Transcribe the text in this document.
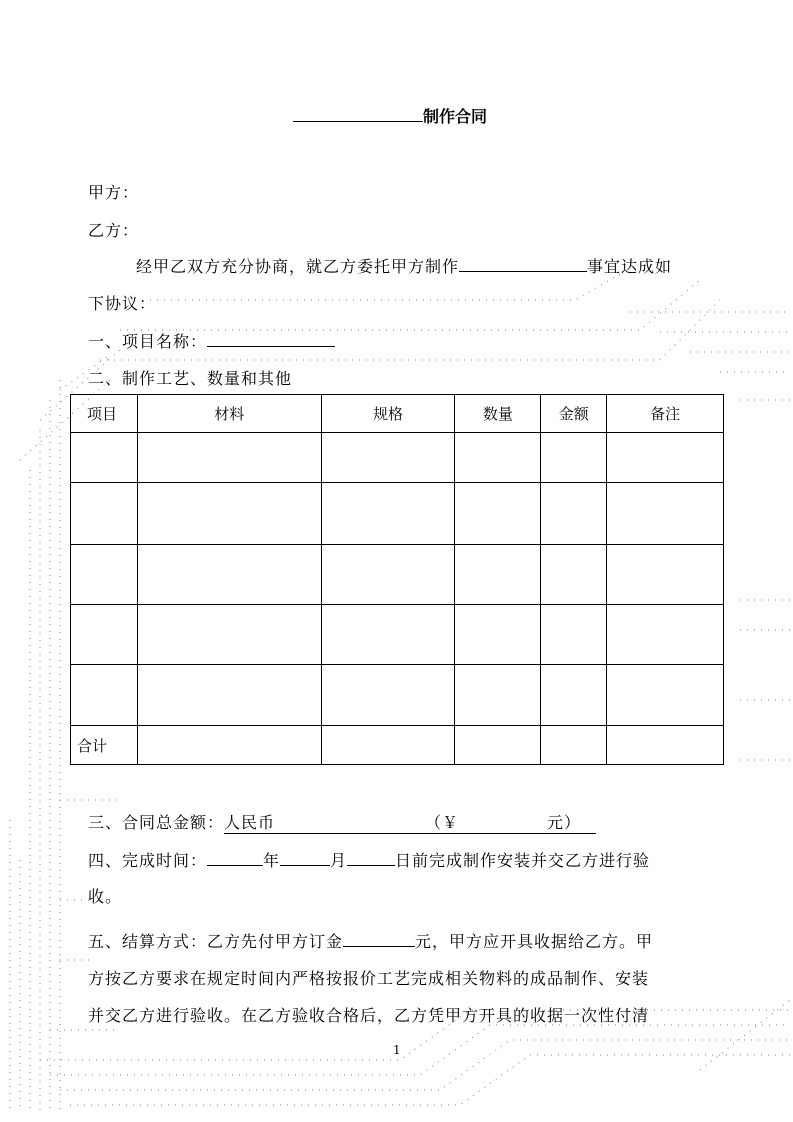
制作合同
甲方：
乙方：
经甲乙双方充分协商，就乙方委托甲方制作	事宜达成如
下协议：
一、项目名称：
二、制作工艺、数量和其他
项目	材料	规格	数量	金额	备注

合计					
三、合同总金额：人民币	（￥	元）
四、完成时间：	年	月	日前完成制作安装并交乙方进行验
收。
五、结算方式：乙方先付甲方订金	元，甲方应开具收据给乙方。甲
方按乙方要求在规定时间内严格按报价工艺完成相关物料的成品制作、安装
并交乙方进行验收。在乙方验收合格后，乙方凭甲方开具的收据一次性付清
1
